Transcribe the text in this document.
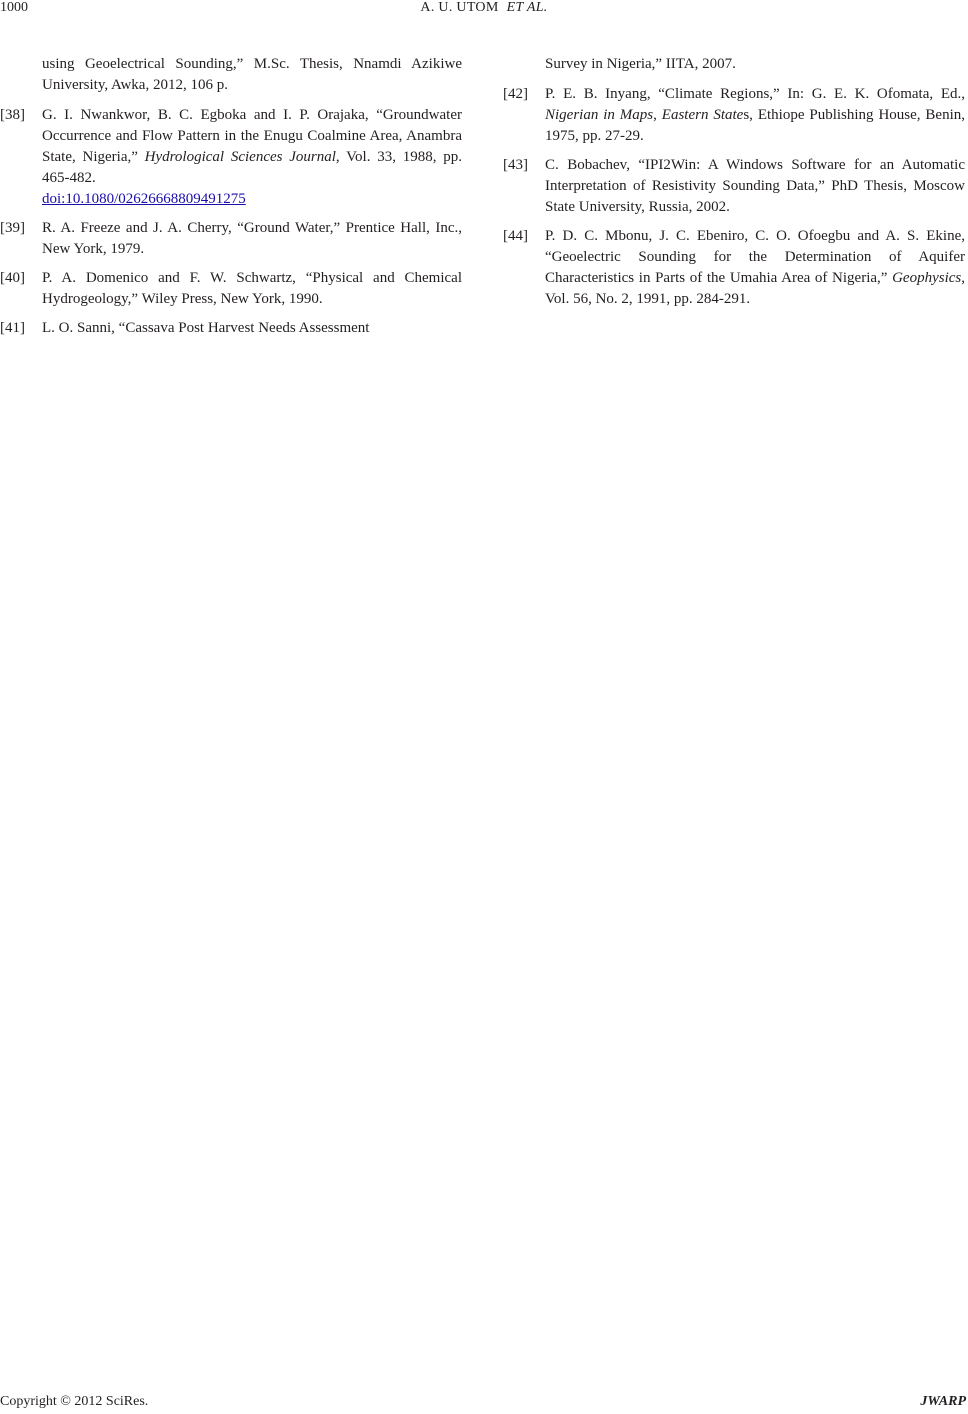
1000	A. U. UTOM ET AL.

using Geoelectrical Sounding,” M.Sc. Thesis, Nnamdi Azikiwe University, Awka, 2012, 106 p.

[38] G. I. Nwankwor, B. C. Egboka and I. P. Orajaka, “Groundwater Occurrence and Flow Pattern in the Enugu Coalmine Area, Anambra State, Nigeria,” Hydrological Sciences Journal, Vol. 33, 1988, pp. 465-482.
doi:10.1080/02626668809491275

[39] R. A. Freeze and J. A. Cherry, “Ground Water,” Prentice Hall, Inc., New York, 1979.

[40] P. A. Domenico and F. W. Schwartz, “Physical and Chemical Hydrogeology,” Wiley Press, New York, 1990.

[41] L. O. Sanni, “Cassava Post Harvest Needs Assessment

Survey in Nigeria,” IITA, 2007.

[42] P. E. B. Inyang, “Climate Regions,” In: G. E. K. Ofomata, Ed., Nigerian in Maps, Eastern States, Ethiope Publishing House, Benin, 1975, pp. 27-29.

[43] C. Bobachev, “IPI2Win: A Windows Software for an Automatic Interpretation of Resistivity Sounding Data,” PhD Thesis, Moscow State University, Russia, 2002.

[44] P. D. C. Mbonu, J. C. Ebeniro, C. O. Ofoegbu and A. S. Ekine, “Geoelectric Sounding for the Determination of Aquifer Characteristics in Parts of the Umahia Area of Nigeria,” Geophysics, Vol. 56, No. 2, 1991, pp. 284-291.

Copyright © 2012 SciRes.	JWARP
